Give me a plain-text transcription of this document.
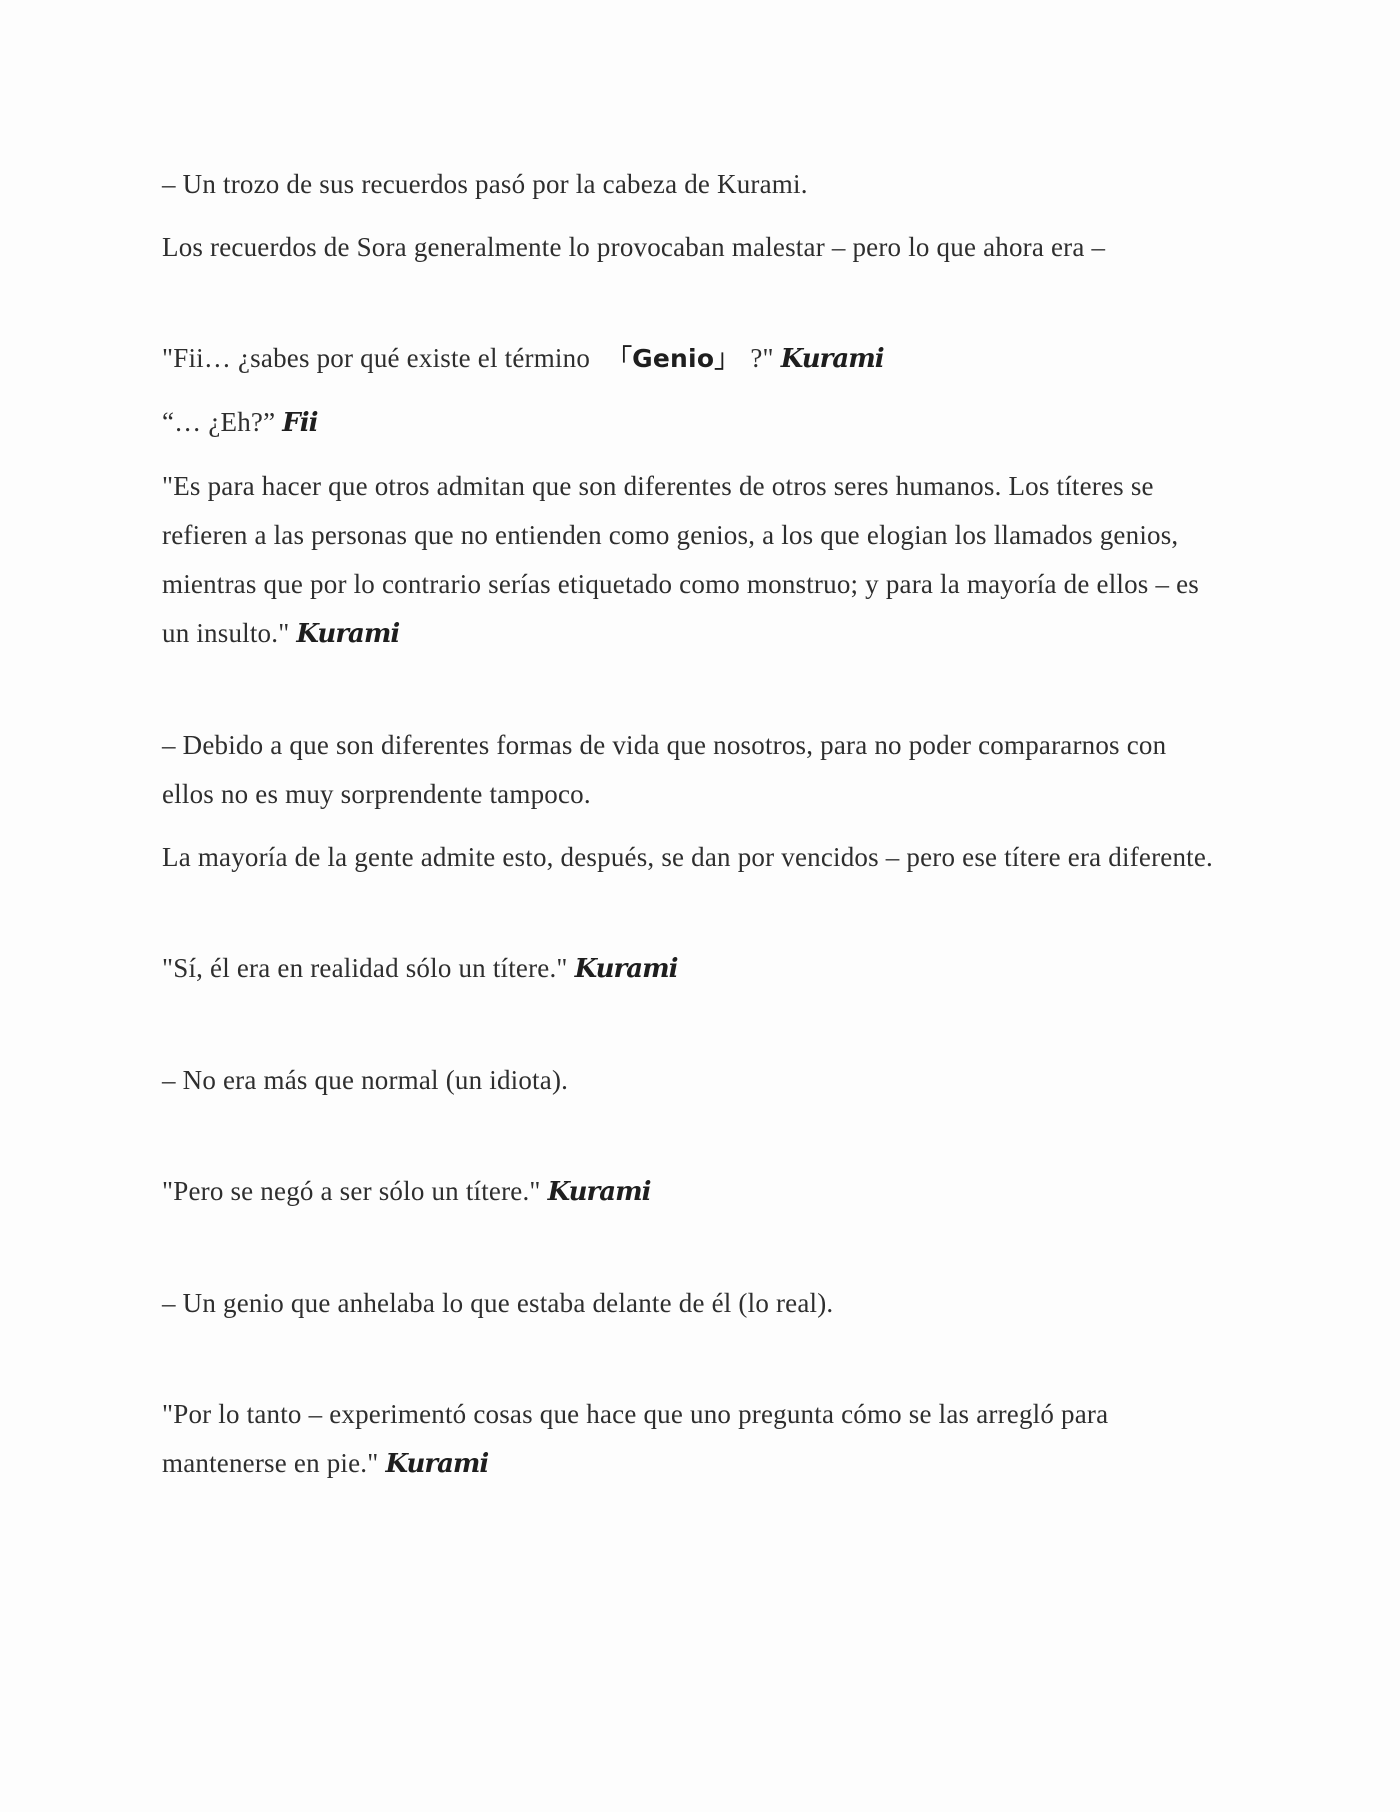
– Un trozo de sus recuerdos pasó por la cabeza de Kurami.

Los recuerdos de Sora generalmente lo provocaban malestar – pero lo que ahora era –

"Fii… ¿sabes por qué existe el término 「Genio」 ?" Kurami

“… ¿Eh?” Fii

"Es para hacer que otros admitan que son diferentes de otros seres humanos. Los títeres se refieren a las personas que no entienden como genios, a los que elogian los llamados genios, mientras que por lo contrario serías etiquetado como monstruo; y para la mayoría de ellos – es un insulto." Kurami

– Debido a que son diferentes formas de vida que nosotros, para no poder compararnos con ellos no es muy sorprendente tampoco.

La mayoría de la gente admite esto, después, se dan por vencidos – pero ese títere era diferente.

"Sí, él era en realidad sólo un títere." Kurami

– No era más que normal (un idiota).

"Pero se negó a ser sólo un títere." Kurami

– Un genio que anhelaba lo que estaba delante de él (lo real).

"Por lo tanto – experimentó cosas que hace que uno pregunta cómo se las arregló para mantenerse en pie." Kurami
